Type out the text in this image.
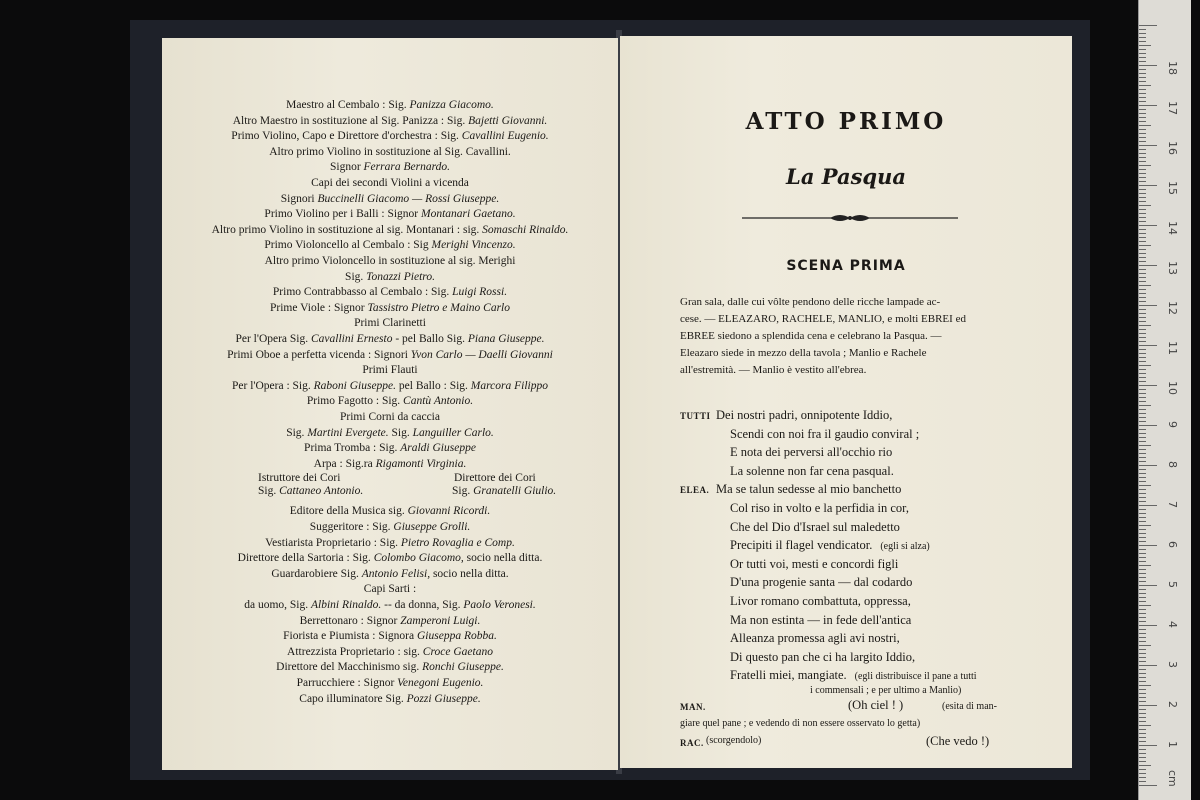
Maestro al Cembalo : Sig. Panizza Giacomo.
Altro Maestro in sostituzione al Sig. Panizza : Sig. Bajetti Giovanni.
Primo Violino, Capo e Direttore d'orchestra : Sig. Cavallini Eugenio.
Altro primo Violino in sostituzione al Sig. Cavallini.
Signor Ferrara Bernardo.
Capi dei secondi Violini a vicenda
Signori Buccinelli Giacomo — Rossi Giuseppe.
Primo Violino per i Balli : Signor Montanari Gaetano.
Altro primo Violino in sostituzione al sig. Montanari : sig. Somaschi Rinaldo.
Primo Violoncello al Cembalo : Sig Merighi Vincenzo.
Altro primo Violoncello in sostituzione al sig. Merighi
Sig. Tonazzi Pietro.
Primo Contrabbasso al Cembalo : Sig. Luigi Rossi.
Prime Viole : Signor Tassistro Pietro e Maino Carlo
Primi Clarinetti
Per l'Opera Sig. Cavallini Ernesto - pel Ballo Sig. Piana Giuseppe.
Primi Oboe a perfetta vicenda : Signori Yvon Carlo — Daelli Giovanni
Primi Flauti
Per l'Opera : Sig. Raboni Giuseppe. pel Ballo : Sig. Marcora Filippo
Primo Fagotto : Sig. Cantù Antonio.
Primi Corni da caccia
Sig. Martini Evergete. Sig. Languiller Carlo.
Prima Tromba : Sig. Araldi Giuseppe
Arpa : Sig.ra Rigamonti Virginia.
Istruttore dei Cori	Direttore dei Cori
Sig. Cattaneo Antonio.	Sig. Granatelli Giulio.
Editore della Musica sig. Giovanni Ricordi.
Suggeritore : Sig. Giuseppe Grolli.
Vestiarista Proprietario : Sig. Pietro Rovaglia e Comp.
Direttore della Sartoria : Sig. Colombo Giacomo, socio nella ditta.
Guardarobiere Sig. Antonio Felisi, socio nella ditta.
Capi Sarti :
da uomo, Sig. Albini Rinaldo. -- da donna, Sig. Paolo Veronesi.
Berrettonaro : Signor Zamperoni Luigi.
Fiorista e Piumista : Signora Giuseppa Robba.
Attrezzista Proprietario : sig. Croce Gaetano
Direttore del Macchinismo sig. Ronchi Giuseppe.
Parrucchiere : Signor Venegoni Eugenio.
Capo illuminatore Sig. Pozzi Giuseppe.
ATTO PRIMO
La Pasqua
SCENA PRIMA
Gran sala, dalle cui vôlte pendono delle ricche lampade ac-
cese. — ELEAZARO, RACHELE, MANLIO, e molti EBREI ed
EBREE siedono a splendida cena e celebrano la Pasqua. —
Eleazaro siede in mezzo della tavola ; Manlio e Rachele
all'estremità. — Manlio è vestito all'ebrea.
TUTTI Dei nostri padri, onnipotente Iddio,
Scendi con noi fra il gaudio conviral ;
E nota dei perversi all'occhio rio
La solenne non far cena pasqual.
ELEA. Ma se talun sedesse al mio banchetto
Col riso in volto e la perfidia in cor,
Che del Dio d'Israel sul maledetto
Precipiti il flagel vendicator. (egli si alza)
Or tutti voi, mesti e concordi figli
D'una progenie santa — dal codardo
Livor romano combattuta, oppressa,
Ma non estinta — in fede dell'antica
Alleanza promessa agli avi nostri,
Di questo pan che ci ha largito Iddio,
Fratelli miei, mangiate. (egli distribuisce il pane a tutti
i commensali ; e per ultimo a Manlio)
MAN.	(Oh ciel ! )	(esita di man-
giare quel pane ; e vedendo di non essere osservato lo getta)
RAC. (scorgendolo)	(Che vedo !)	1
2
3
4
5
6
7
8
9
10
11
12
13
14
15
16
17
18
cm
